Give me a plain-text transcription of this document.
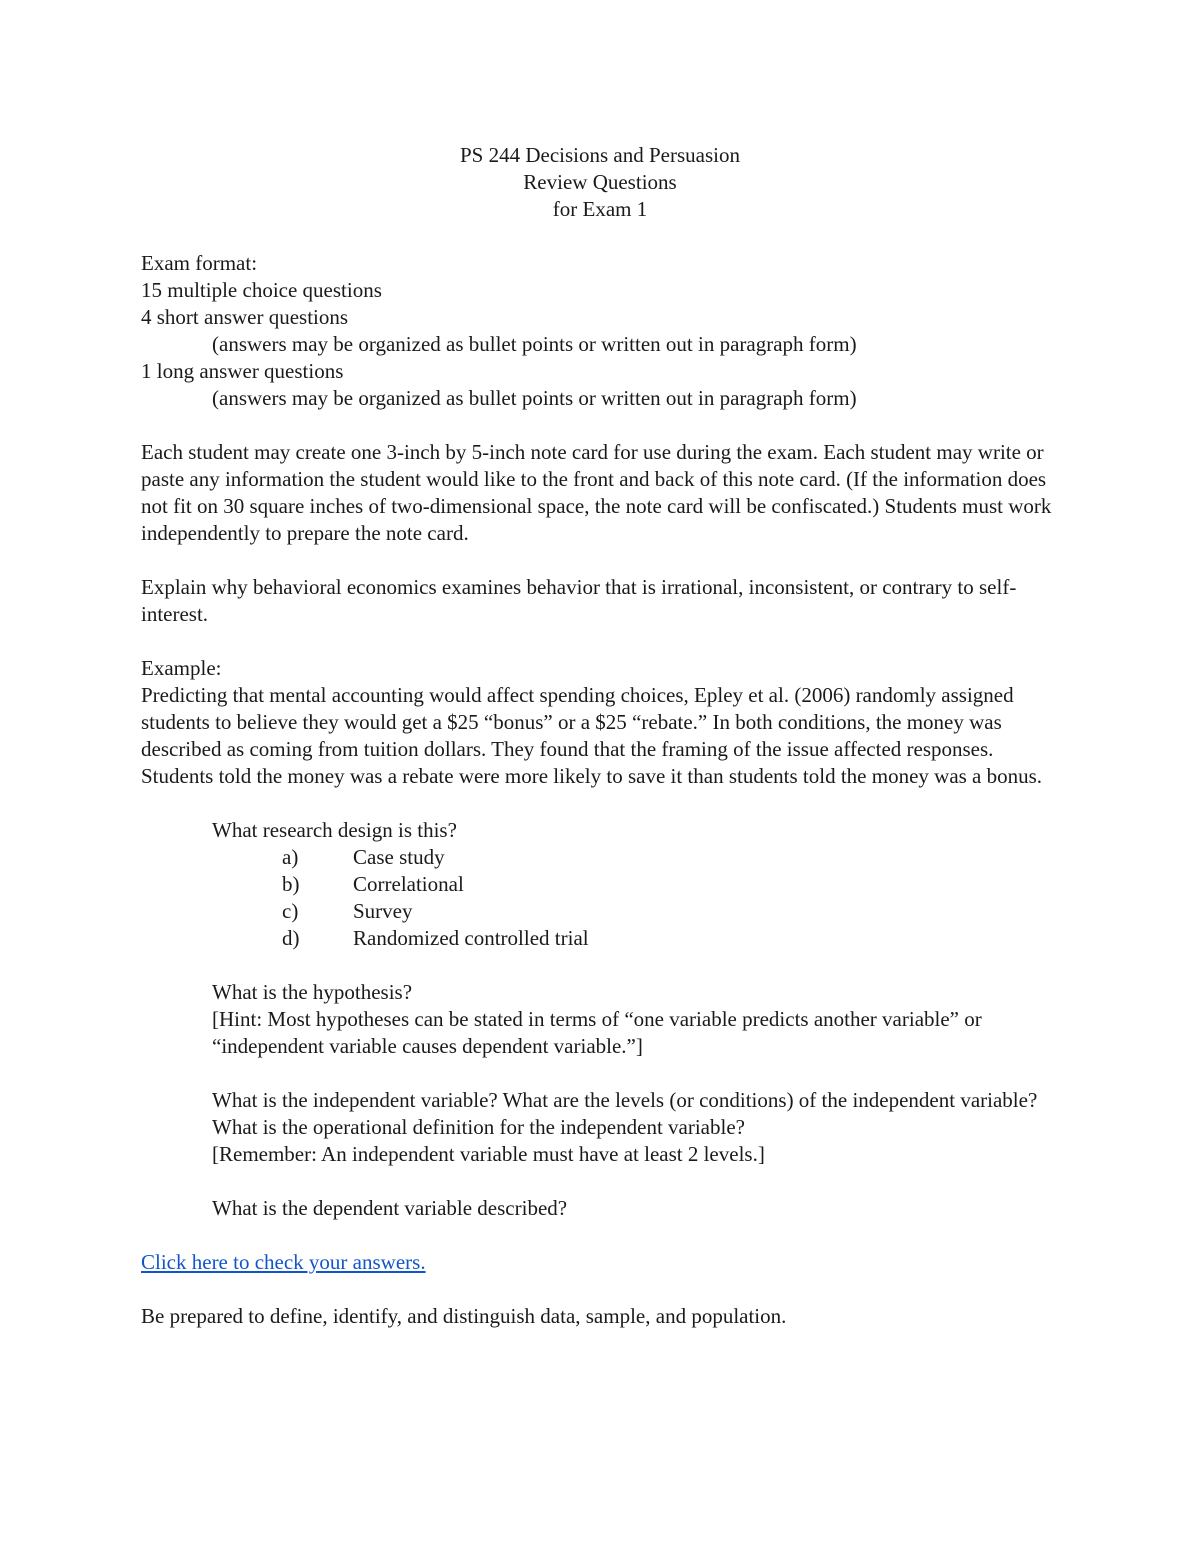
PS 244 Decisions and Persuasion
Review Questions
for Exam 1
Exam format:
15 multiple choice questions
4 short answer questions
(answers may be organized as bullet points or written out in paragraph form)
1 long answer questions
(answers may be organized as bullet points or written out in paragraph form)

Each student may create one 3-inch by 5-inch note card for use during the exam. Each student may write or paste any information the student would like to the front and back of this note card. (If the information does not fit on 30 square inches of two-dimensional space, the note card will be confiscated.) Students must work independently to prepare the note card.

Explain why behavioral economics examines behavior that is irrational, inconsistent, or contrary to self-interest.

Example:

Predicting that mental accounting would affect spending choices, Epley et al. (2006) randomly assigned students to believe they would get a $25 “bonus” or a $25 “rebate.” In both conditions, the money was described as coming from tuition dollars. They found that the framing of the issue affected responses. Students told the money was a rebate were more likely to save it than students told the money was a bonus.

What research design is this?
a)	Case study
b)	Correlational
c)	Survey
d)	Randomized controlled trial

What is the hypothesis?

[Hint: Most hypotheses can be stated in terms of “one variable predicts another variable” or “independent variable causes dependent variable.”]

What is the independent variable? What are the levels (or conditions) of the independent variable? What is the operational definition for the independent variable?

[Remember: An independent variable must have at least 2 levels.]

What is the dependent variable described?

Click here to check your answers.

Be prepared to define, identify, and distinguish data, sample, and population.
